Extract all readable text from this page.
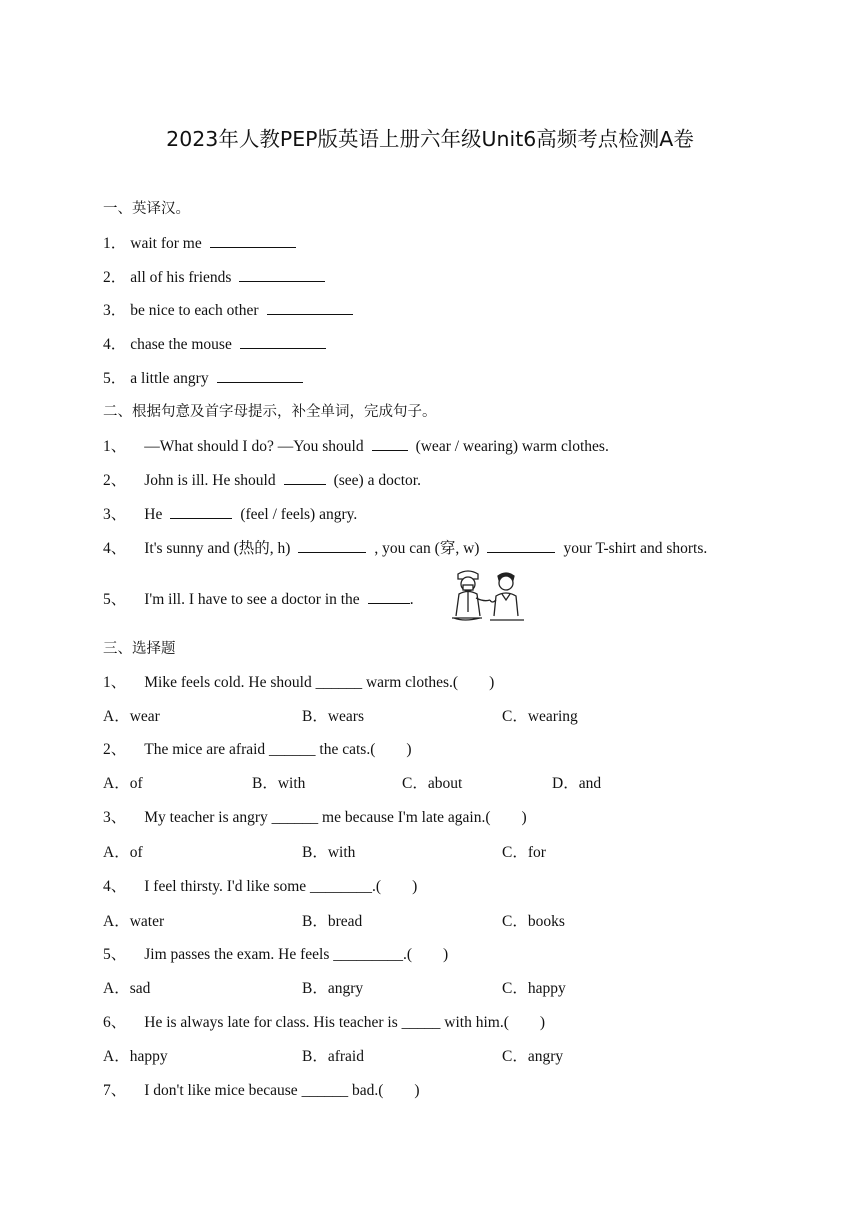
2023年人教PEP版英语上册六年级Unit6高频考点检测A卷
一、英译汉。
1． wait for me
2． all of his friends
3． be nice to each other
4． chase the mouse
5． a little angry
二、根据句意及首字母提示，补全单词，完成句子。
1、 —What should I do? —You should	(wear / wearing) warm clothes.
2、 John is ill. He should	(see) a doctor.
3、 He	(feel / feels) angry.
4、 It's sunny and (热的, h)	, you can (穿, w)	your T-shirt and shorts.
5、 I'm ill. I have to see a doctor in the	.
三、选择题
1、 Mike feels cold. He should ______ warm clothes.(　　)
A．wear	B．wears	C．wearing
2、 The mice are afraid ______ the cats.(　　)
A．of	B．with	C．about	D．and
3、 My teacher is angry ______ me because I'm late again.(　　)
A．of	B．with	C．for
4、 I feel thirsty. I'd like some ________.(　　)
A．water	B．bread	C．books
5、 Jim passes the exam. He feels _________.(　　)
A．sad	B．angry	C．happy
6、 He is always late for class. His teacher is _____ with him.(　　)
A．happy	B．afraid	C．angry
7、 I don't like mice because ______ bad.(　　)
